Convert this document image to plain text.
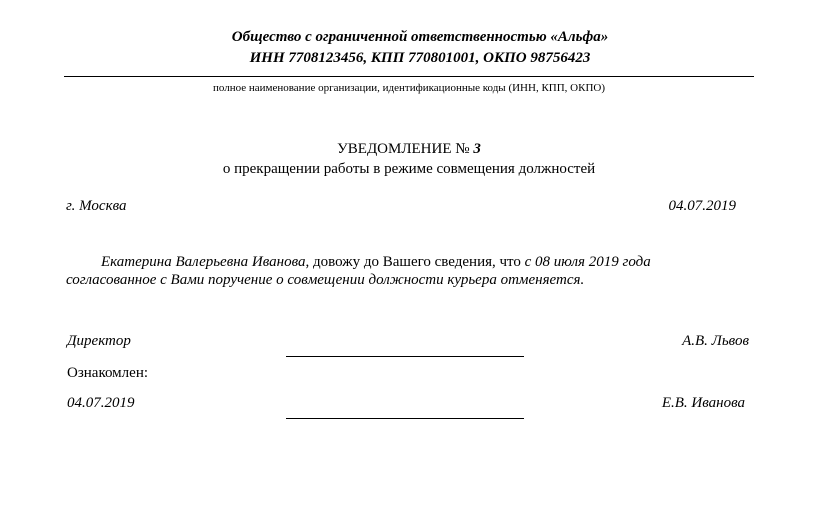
Общество с ограниченной ответственностью «Альфа»
ИНН 7708123456, КПП 770801001, ОКПО 98756423
полное наименование организации, идентификационные коды (ИНН, КПП, ОКПО)
УВЕДОМЛЕНИЕ № 3
о прекращении работы в режиме совмещения должностей
г. Москва	04.07.2019
Екатерина Валерьевна Иванова, довожу до Вашего сведения, что с 08 июля 2019 года
согласованное с Вами поручение о совмещении должности курьера отменяется.
Директор	А.В. Львов
Ознакомлен:
04.07.2019	Е.В. Иванова
